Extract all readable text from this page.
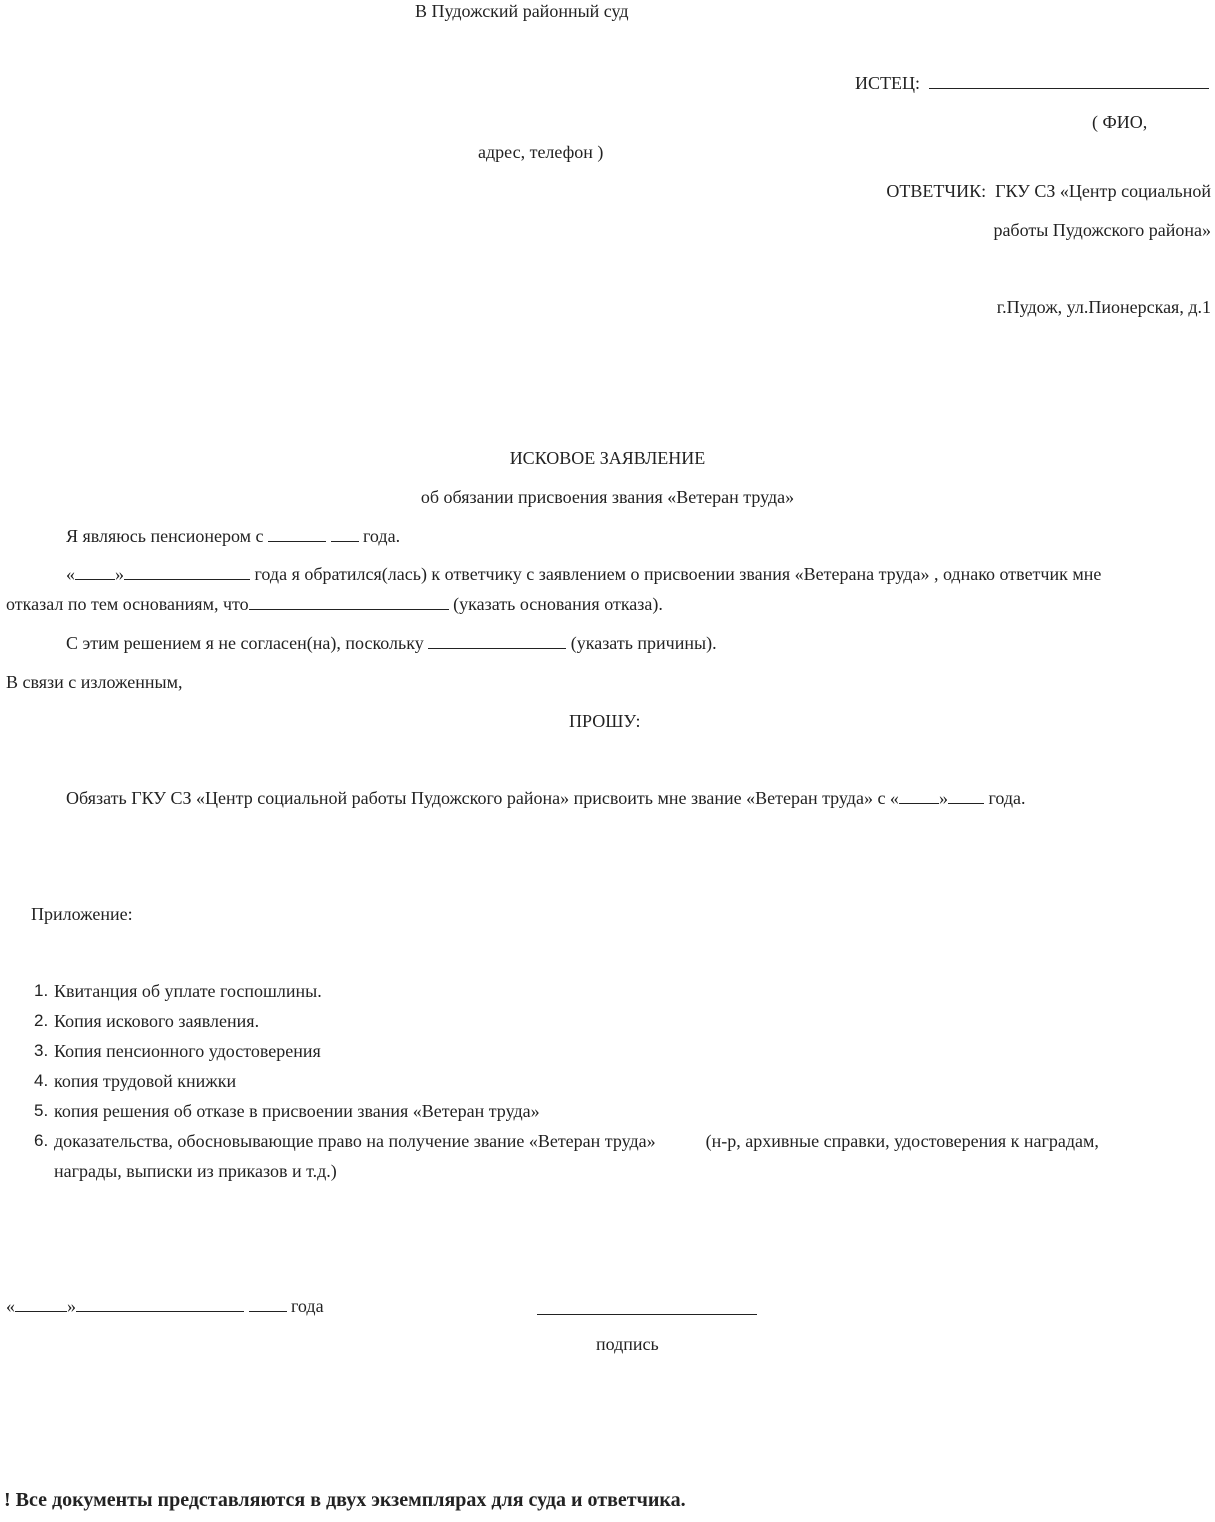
В Пудожский районный суд
ИСТЕЦ:
( ФИО,
адрес, телефон )
ОТВЕТЧИК: ГКУ СЗ «Центр социальной
работы Пудожского района»
г.Пудож, ул.Пионерская, д.1
ИСКОВОЕ ЗАЯВЛЕНИЕ
об обязании присвоения звания «Ветеран труда»
Я являюсь пенсионером с	года.
« »	года я обратился(лась) к ответчику с заявлением о присвоении звания «Ветерана труда» , однако ответчик мне
отказал по тем основаниям, что	(указать основания отказа).
С этим решением я не согласен(на), поскольку	(указать причины).
В связи с изложенным,
ПРОШУ:
Обязать ГКУ СЗ «Центр социальной работы Пудожского района» присвоить мне звание «Ветеран труда» с « » года.
Приложение:
1. Квитанция об уплате госпошлины.
2. Копия искового заявления.
3. Копия пенсионного удостоверения
4. копия трудовой книжки
5. копия решения об отказе в присвоении звания «Ветеран труда»
6. доказательства, обосновывающие право на получение звание «Ветеран труда»	(н-р, архивные справки, удостоверения к наградам,
награды, выписки из приказов и т.д.)
«	»	года
подпись
! Все документы представляются в двух экземплярах для суда и ответчика.
